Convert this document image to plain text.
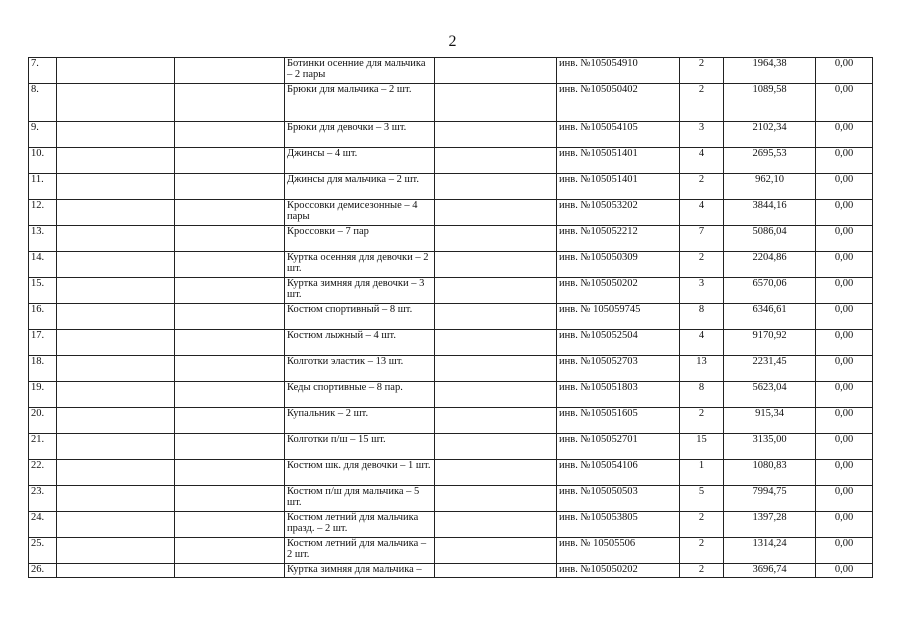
2
7.			Ботинки осенние для мальчика – 2 пары		инв. №105054910	2	1964,38	0,00
8.			Брюки для мальчика – 2 шт.		инв. №105050402	2	1089,58	0,00
9.			Брюки для девочки – 3 шт.		инв. №105054105	3	2102,34	0,00
10.			Джинсы – 4 шт.		инв. №105051401	4	2695,53	0,00
11.			Джинсы для мальчика – 2 шт.		инв. №105051401	2	962,10	0,00
12.			Кроссовки демисезонные – 4 пары		инв. №105053202	4	3844,16	0,00
13.			Кроссовки – 7 пар		инв. №105052212	7	5086,04	0,00
14.			Куртка осенняя для девочки – 2 шт.		инв. №105050309	2	2204,86	0,00
15.			Куртка зимняя для девочки – 3 шт.		инв. №105050202	3	6570,06	0,00
16.			Костюм спортивный – 8 шт.		инв. № 105059745	8	6346,61	0,00
17.			Костюм лыжный – 4 шт.		инв. №105052504	4	9170,92	0,00
18.			Колготки эластик – 13 шт.		инв. №105052703	13	2231,45	0,00
19.			Кеды спортивные – 8 пар.		инв. №105051803	8	5623,04	0,00
20.			Купальник – 2 шт.		инв. №105051605	2	915,34	0,00
21.			Колготки п/ш – 15 шт.		инв. №105052701	15	3135,00	0,00
22.			Костюм шк. для девочки – 1 шт.		инв. №105054106	1	1080,83	0,00
23.			Костюм п/ш для мальчика – 5 шт.		инв. №105050503	5	7994,75	0,00
24.			Костюм летний для мальчика празд. – 2 шт.		инв. №105053805	2	1397,28	0,00
25.			Костюм летний для мальчика – 2 шт.		инв. № 10505506	2	1314,24	0,00
26.			Куртка зимняя для мальчика –		инв. №105050202	2	3696,74	0,00
